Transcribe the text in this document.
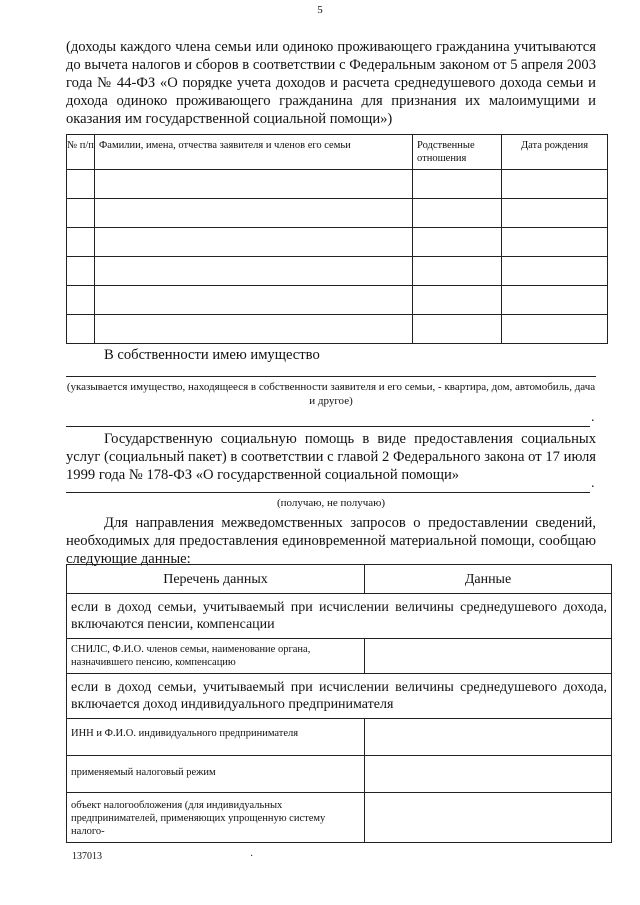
5
(доходы каждого члена семьи или одиноко проживающего гражданина учитываются до вычета налогов и сборов в соответствии с Федеральным законом от 5 апреля 2003 года № 44-ФЗ «О порядке учета доходов и расчета среднедушевого дохода семьи и дохода одиноко проживающего гражданина для признания их малоимущими и оказания им государственной социальной помощи»)
№ п/п	Фамилии, имена, отчества заявителя и членов его семьи	Родственные отношения	Дата рождения

В собственности имею имущество
(указывается имущество, находящееся в собственности заявителя и его семьи, - квартира, дом, автомобиль, дача и другое)
.
Государственную социальную помощь в виде предоставления социальных услуг (социальный пакет) в соответствии с главой 2 Федерального закона от 17 июля 1999 года № 178-ФЗ «О государственной социальной помощи»
.
(получаю, не получаю)
Для направления межведомственных запросов о предоставлении сведений, необходимых для предоставления единовременной материальной помощи, сообщаю следующие данные:
Перечень данных	Данные
если в доход семьи, учитываемый при исчислении величины среднедушевого дохода, включаются пенсии, компенсации	
СНИЛС, Ф.И.О. членов семьи, наименование органа, назначившего пенсию, компенсацию	
если в доход семьи, учитываемый при исчислении величины среднедушевого дохода, включается доход индивидуального предпринимателя	
ИНН и Ф.И.О. индивидуального предпринимателя	
применяемый налоговый режим	
объект налогообложения (для индивидуальных предпринимателей, применяющих упрощенную систему налого-	
137013	·
